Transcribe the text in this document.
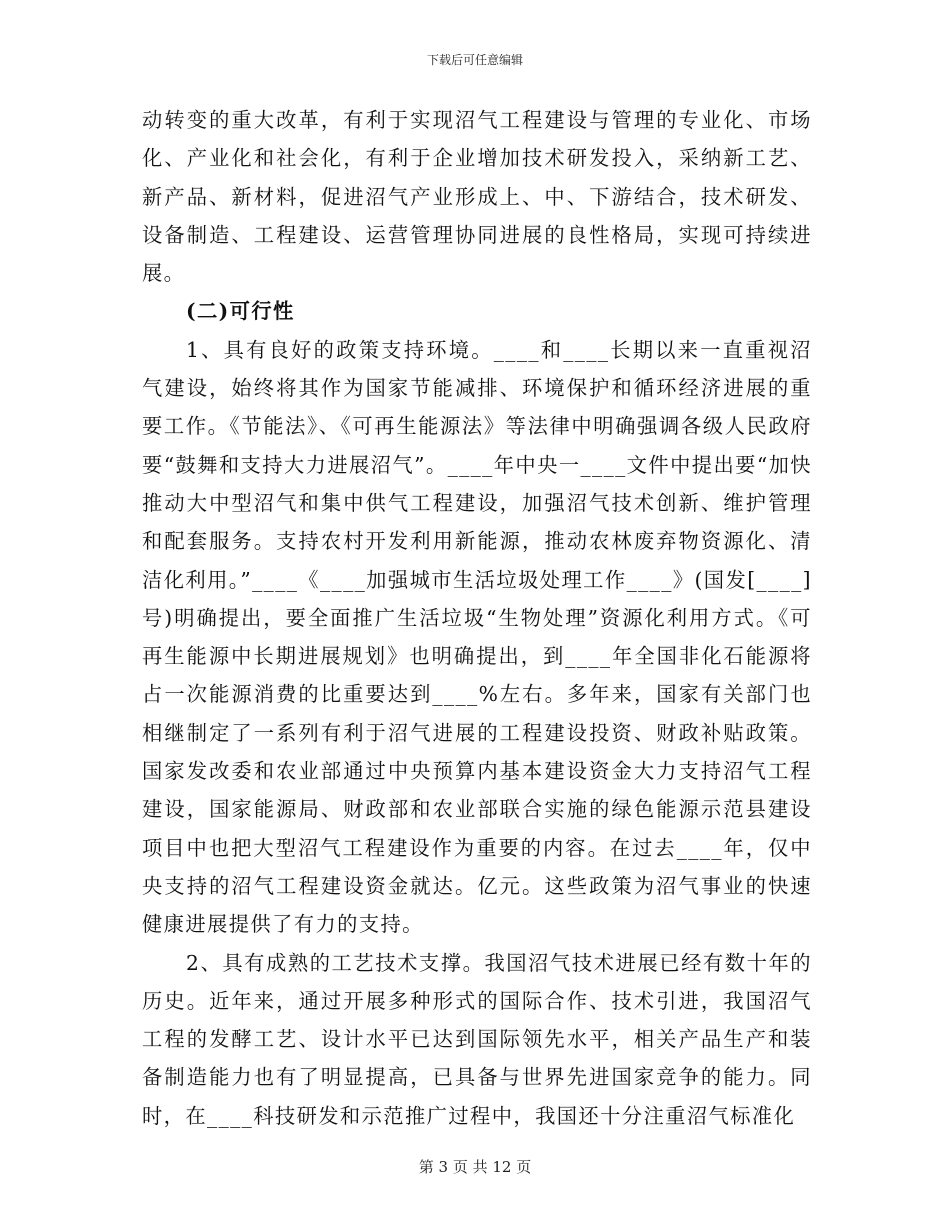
下载后可任意编辑

动转变的重大改革，有利于实现沼气工程建设与管理的专业化、市场化、产业化和社会化，有利于企业增加技术研发投入，采纳新工艺、新产品、新材料，促进沼气产业形成上、中、下游结合，技术研发、设备制造、工程建设、运营管理协同进展的良性格局，实现可持续进展。

(二)可行性

1、具有良好的政策支持环境。____和____长期以来一直重视沼气建设，始终将其作为国家节能减排、环境保护和循环经济进展的重要工作。《节能法》、《可再生能源法》等法律中明确强调各级人民政府要“鼓舞和支持大力进展沼气”。____年中央一____文件中提出要“加快推动大中型沼气和集中供气工程建设，加强沼气技术创新、维护管理和配套服务。支持农村开发利用新能源，推动农林废弃物资源化、清洁化利用。”____《____加强城市生活垃圾处理工作____》(国发[____]号)明确提出，要全面推广生活垃圾“生物处理”资源化利用方式。《可再生能源中长期进展规划》也明确提出，到____年全国非化石能源将占一次能源消费的比重要达到____%左右。多年来，国家有关部门也相继制定了一系列有利于沼气进展的工程建设投资、财政补贴政策。国家发改委和农业部通过中央预算内基本建设资金大力支持沼气工程建设，国家能源局、财政部和农业部联合实施的绿色能源示范县建设项目中也把大型沼气工程建设作为重要的内容。在过去____年，仅中央支持的沼气工程建设资金就达。亿元。这些政策为沼气事业的快速健康进展提供了有力的支持。

2、具有成熟的工艺技术支撑。我国沼气技术进展已经有数十年的历史。近年来，通过开展多种形式的国际合作、技术引进，我国沼气工程的发酵工艺、设计水平已达到国际领先水平，相关产品生产和装备制造能力也有了明显提高，已具备与世界先进国家竞争的能力。同时，在____科技研发和示范推广过程中，我国还十分注重沼气标准化

第 3 页 共 12 页
